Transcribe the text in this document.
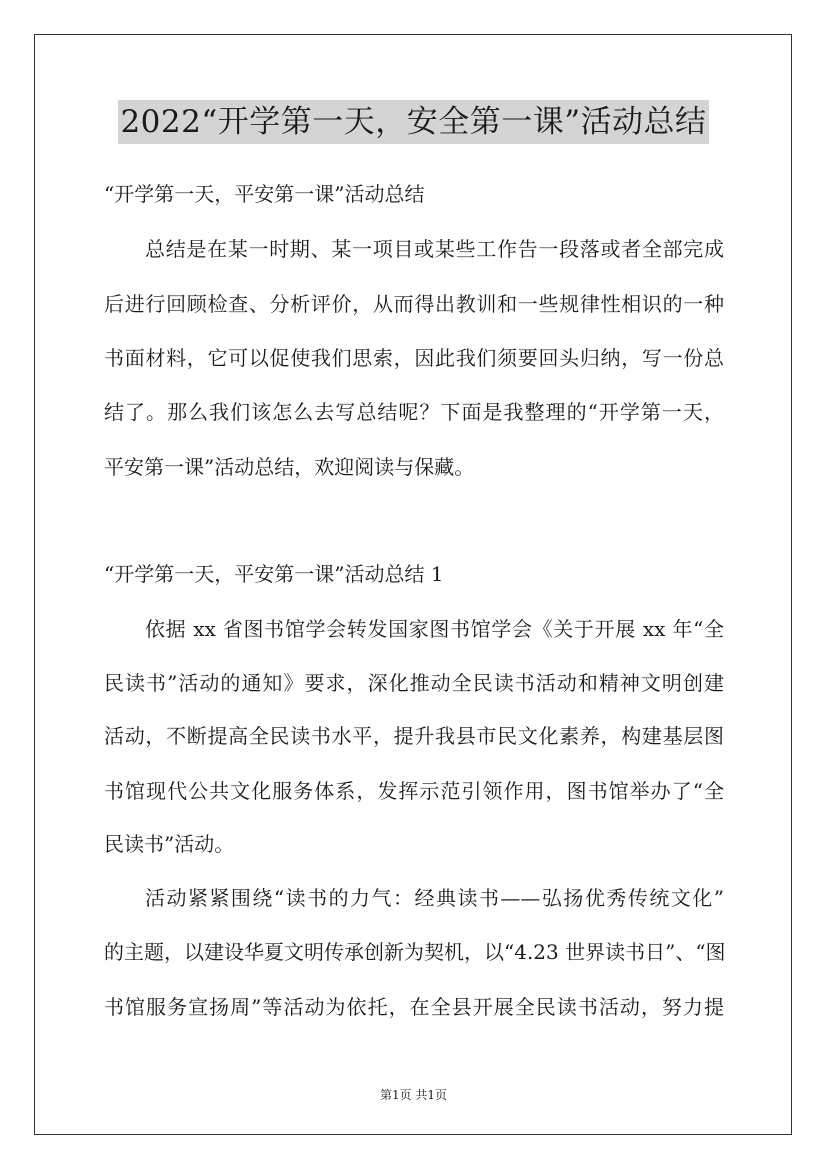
2022“开学第一天，安全第一课”活动总结
“开学第一天，平安第一课”活动总结
总结是在某一时期、某一项目或某些工作告一段落或者全部完成
后进行回顾检查、分析评价，从而得出教训和一些规律性相识的一种
书面材料，它可以促使我们思索，因此我们须要回头归纳，写一份总
结了。那么我们该怎么去写总结呢？下面是我整理的“开学第一天，
平安第一课”活动总结，欢迎阅读与保藏。
“开学第一天，平安第一课”活动总结 1
依据 xx 省图书馆学会转发国家图书馆学会《关于开展 xx 年“全
民读书”活动的通知》要求，深化推动全民读书活动和精神文明创建
活动，不断提高全民读书水平，提升我县市民文化素养，构建基层图
书馆现代公共文化服务体系，发挥示范引领作用，图书馆举办了“全
民读书”活动。
活动紧紧围绕“读书的力气：经典读书——弘扬优秀传统文化”
的主题，以建设华夏文明传承创新为契机，以“4.23 世界读书日”、“图
书馆服务宣扬周”等活动为依托，在全县开展全民读书活动，努力提
第1页 共1页
